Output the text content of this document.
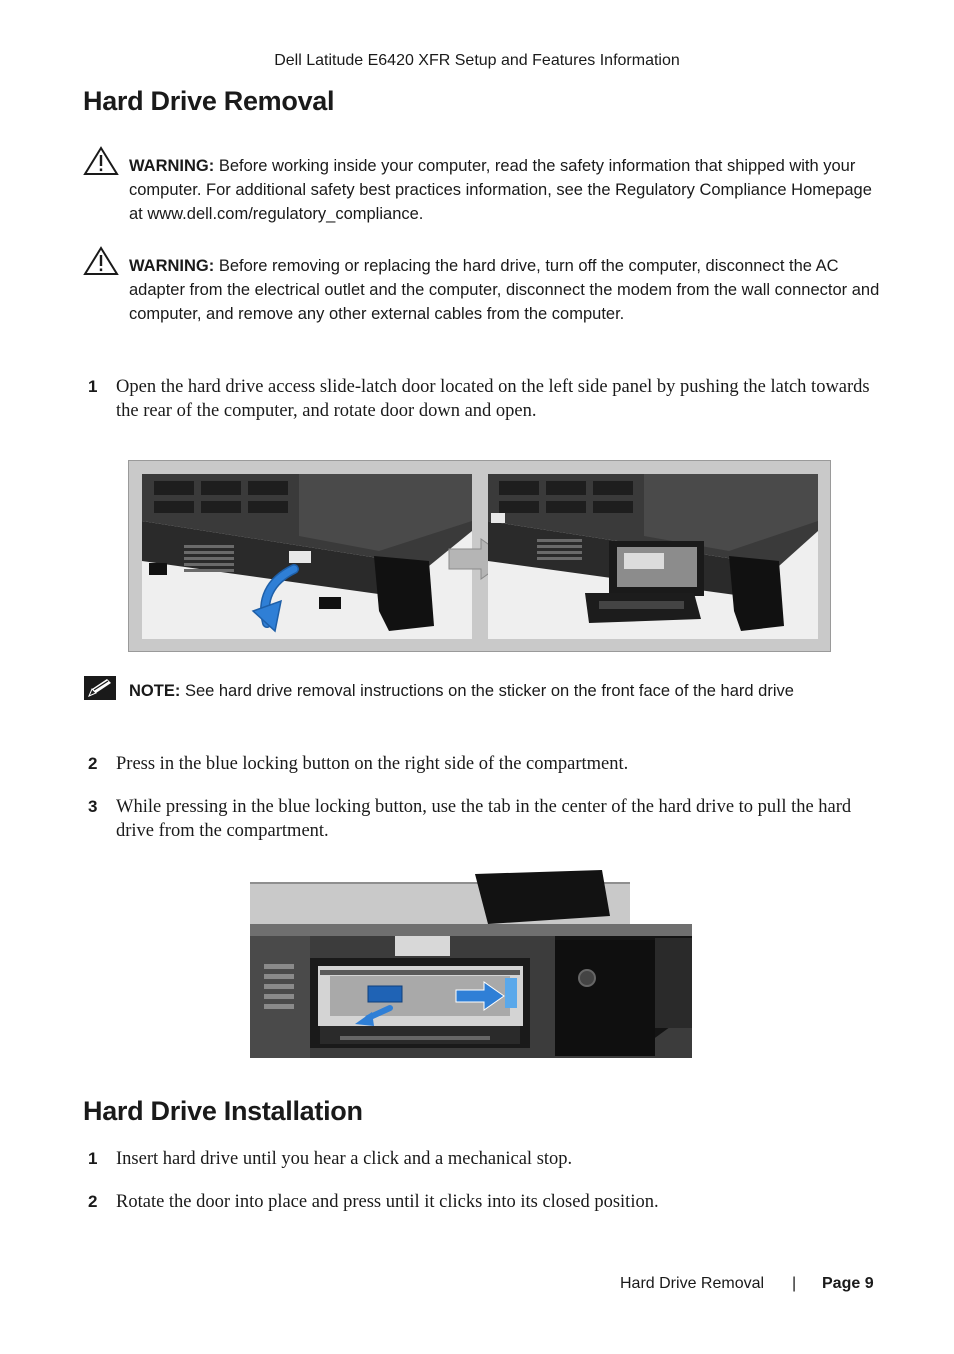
Dell Latitude E6420 XFR Setup and Features Information
Hard Drive Removal
WARNING: Before working inside your computer, read the safety information that shipped with your computer. For additional safety best practices information, see the Regulatory Compliance Homepage at www.dell.com/regulatory_compliance.
WARNING: Before removing or replacing the hard drive, turn off the computer, disconnect the AC adapter from the electrical outlet and the computer, disconnect the modem from the wall connector and computer, and remove any other external cables from the computer.
1	Open the hard drive access slide-latch door located on the left side panel by pushing the latch towards the rear of the computer, and rotate door down and open.
NOTE: See hard drive removal instructions on the sticker on the front face of the hard drive
2	Press in the blue locking button on the right side of the compartment.
3	While pressing in the blue locking button, use the tab in the center of the hard drive to pull the hard drive from the compartment.
Hard Drive Installation
1	Insert hard drive until you hear a click and a mechanical stop.
2	Rotate the door into place and press until it clicks into its closed position.
Hard Drive Removal | Page 9
